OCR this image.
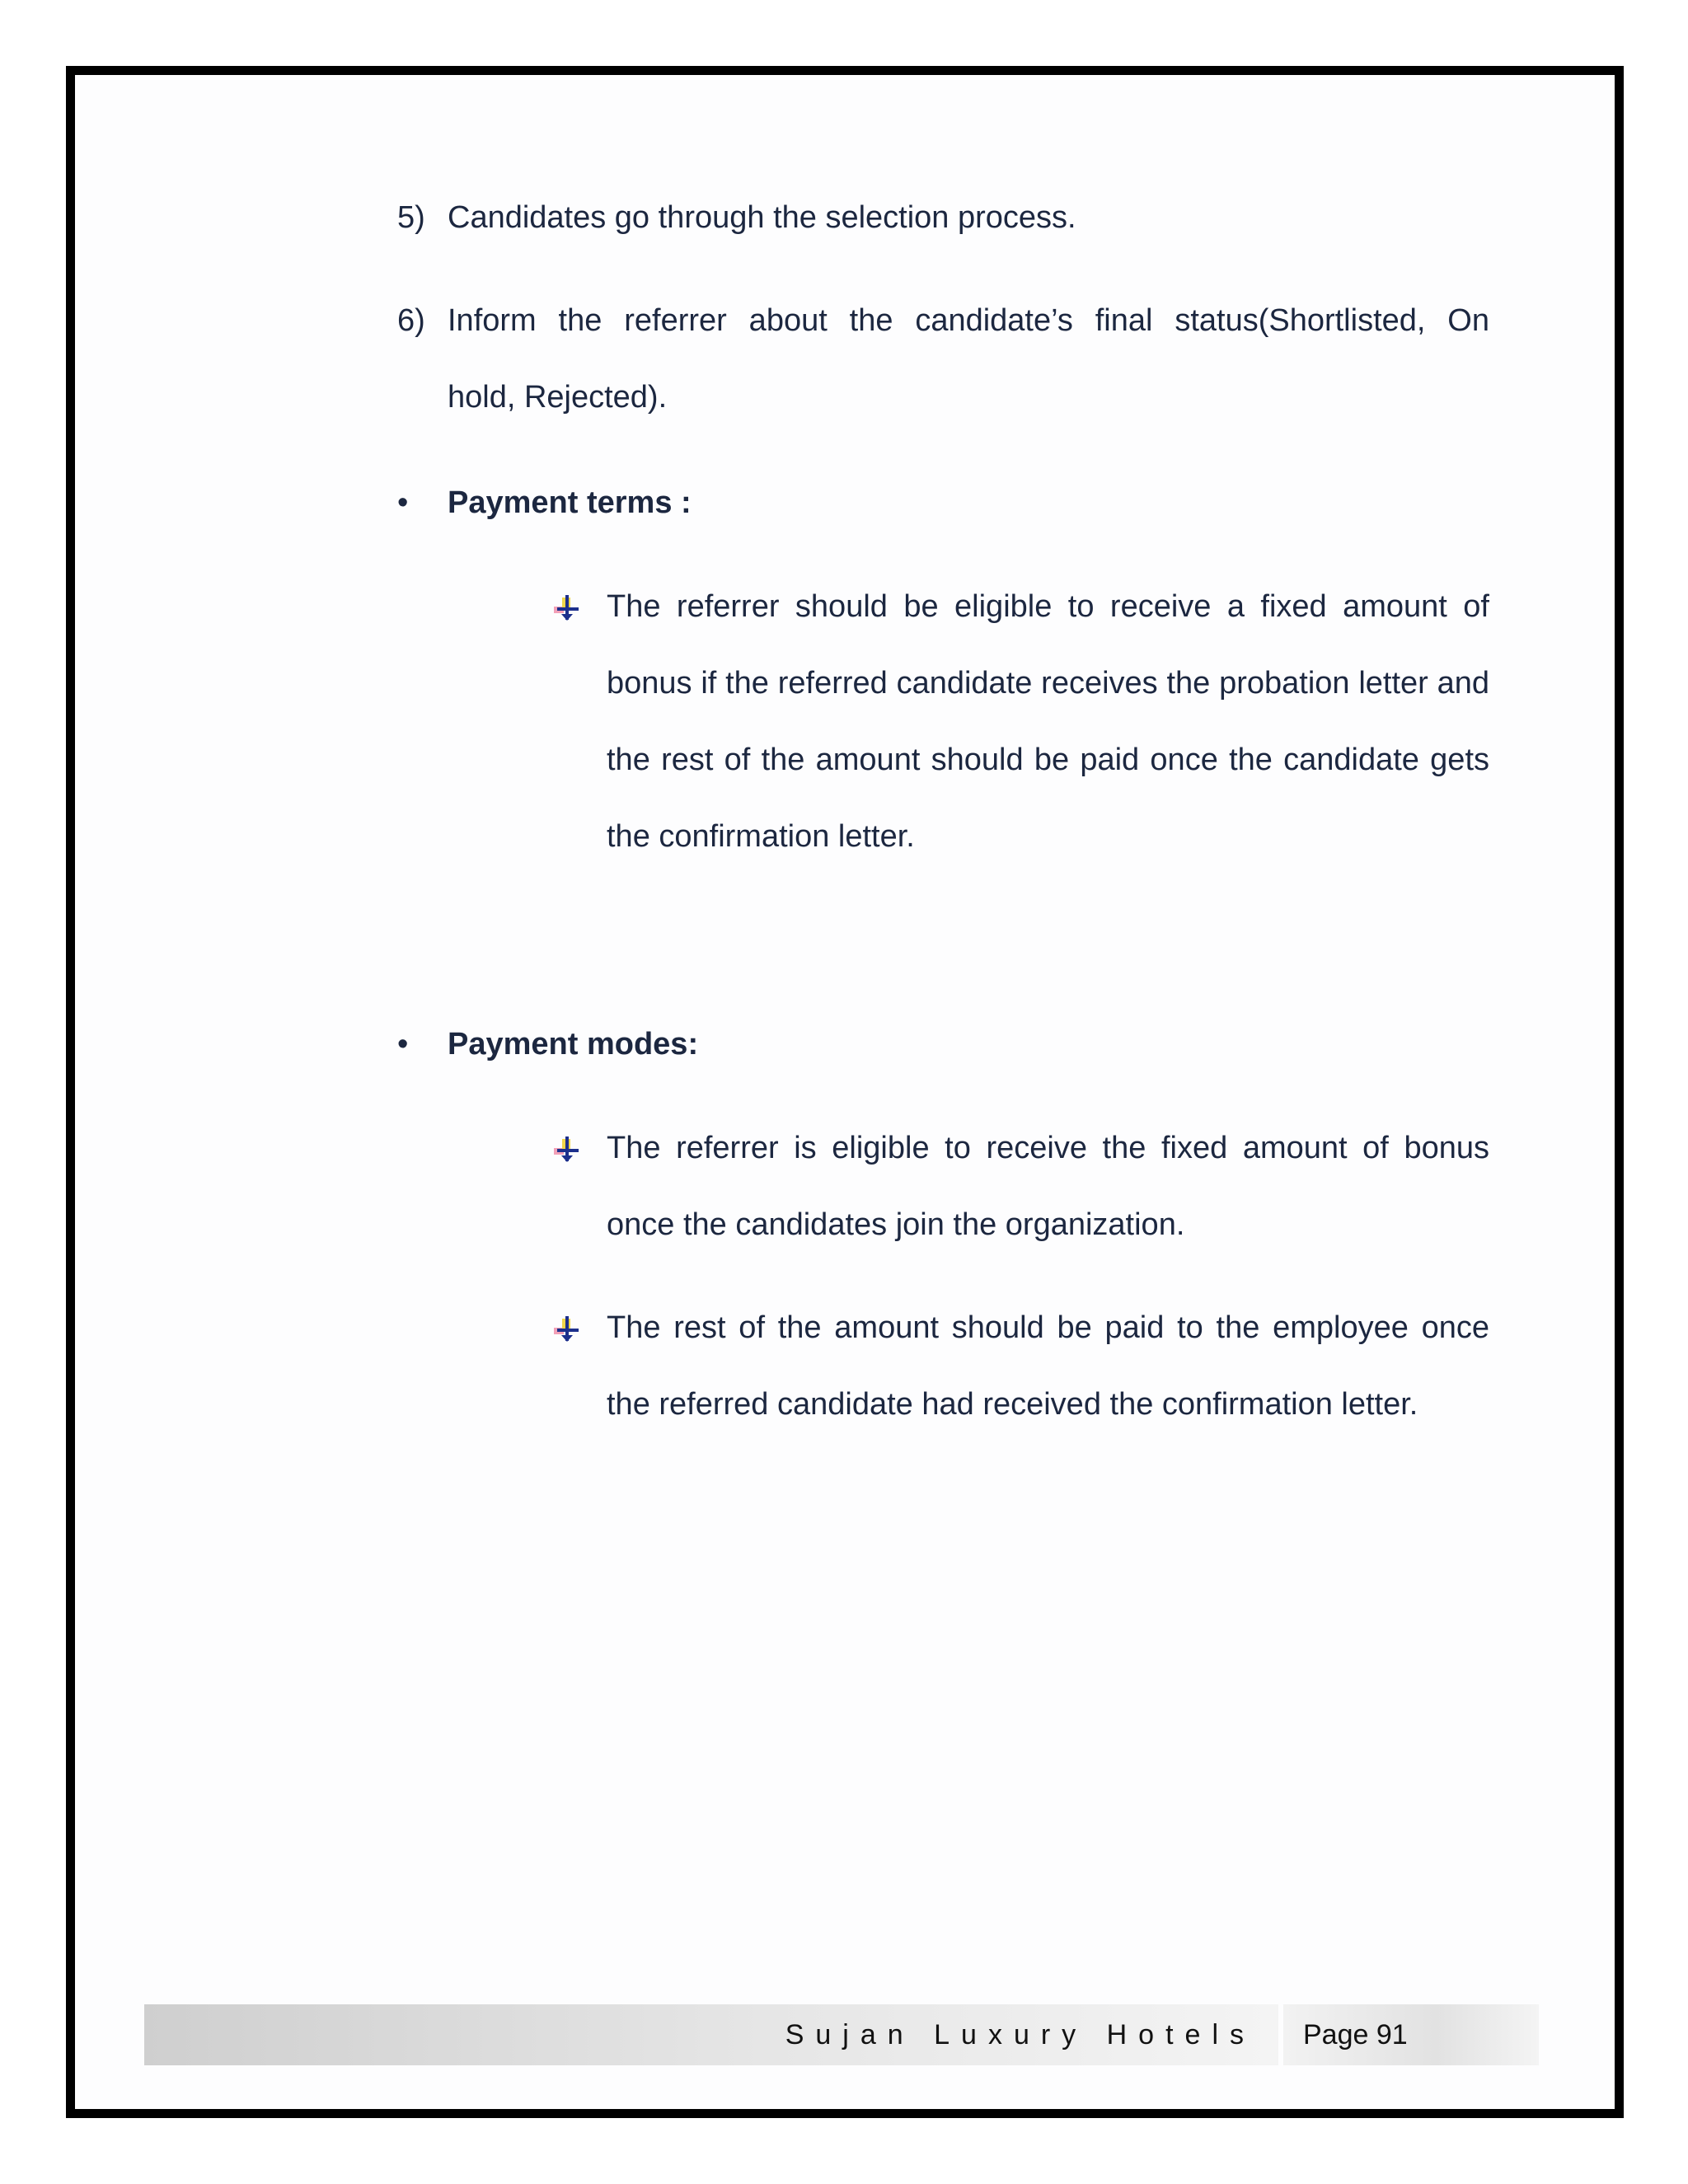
5) Candidates go through the selection process.
6) Inform the referrer about the candidate’s final status(Shortlisted, On
hold, Rejected).
• Payment terms :
The referrer should be eligible to receive a fixed amount of bonus if the referred candidate receives the probation letter and the rest of the amount should be paid once the candidate gets the confirmation letter.
• Payment modes:
The referrer is eligible to receive the fixed amount of bonus once the candidates join the organization.
The rest of the amount should be paid to the employee once the referred candidate had received the confirmation letter.
Sujan Luxury Hotels Page 91
